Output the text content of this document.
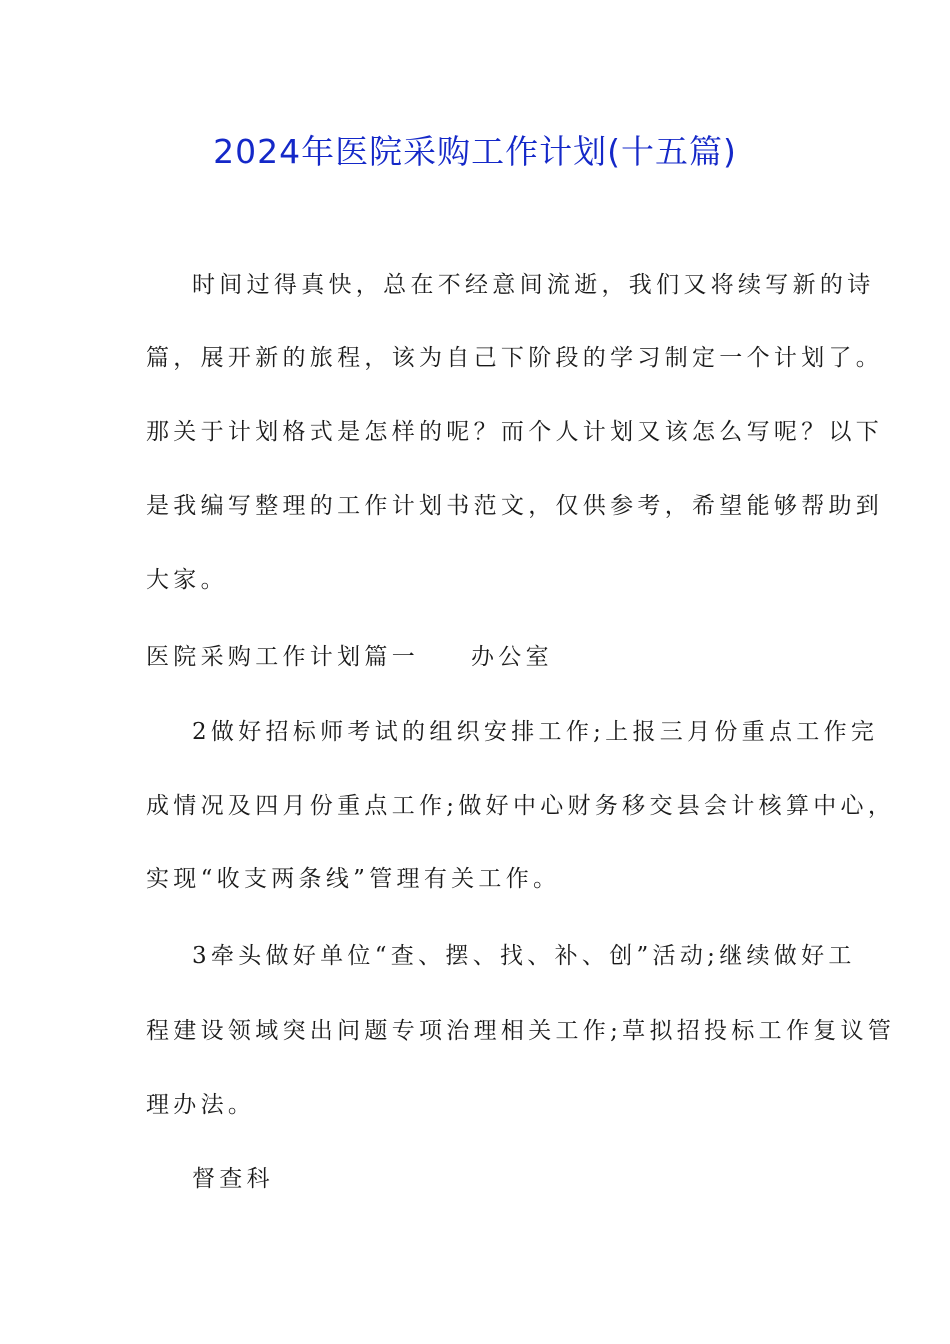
2024年医院采购工作计划(十五篇)

时间过得真快，总在不经意间流逝，我们又将续写新的诗

篇，展开新的旅程，该为自己下阶段的学习制定一个计划了。

那关于计划格式是怎样的呢？而个人计划又该怎么写呢？以下

是我编写整理的工作计划书范文，仅供参考，希望能够帮助到

大家。

医院采购工作计划篇一 办公室

2做好招标师考试的组织安排工作;上报三月份重点工作完

成情况及四月份重点工作;做好中心财务移交县会计核算中心，

实现“收支两条线”管理有关工作。

3牵头做好单位“查、摆、找、补、创”活动;继续做好工

程建设领域突出问题专项治理相关工作;草拟招投标工作复议管

理办法。

督查科
